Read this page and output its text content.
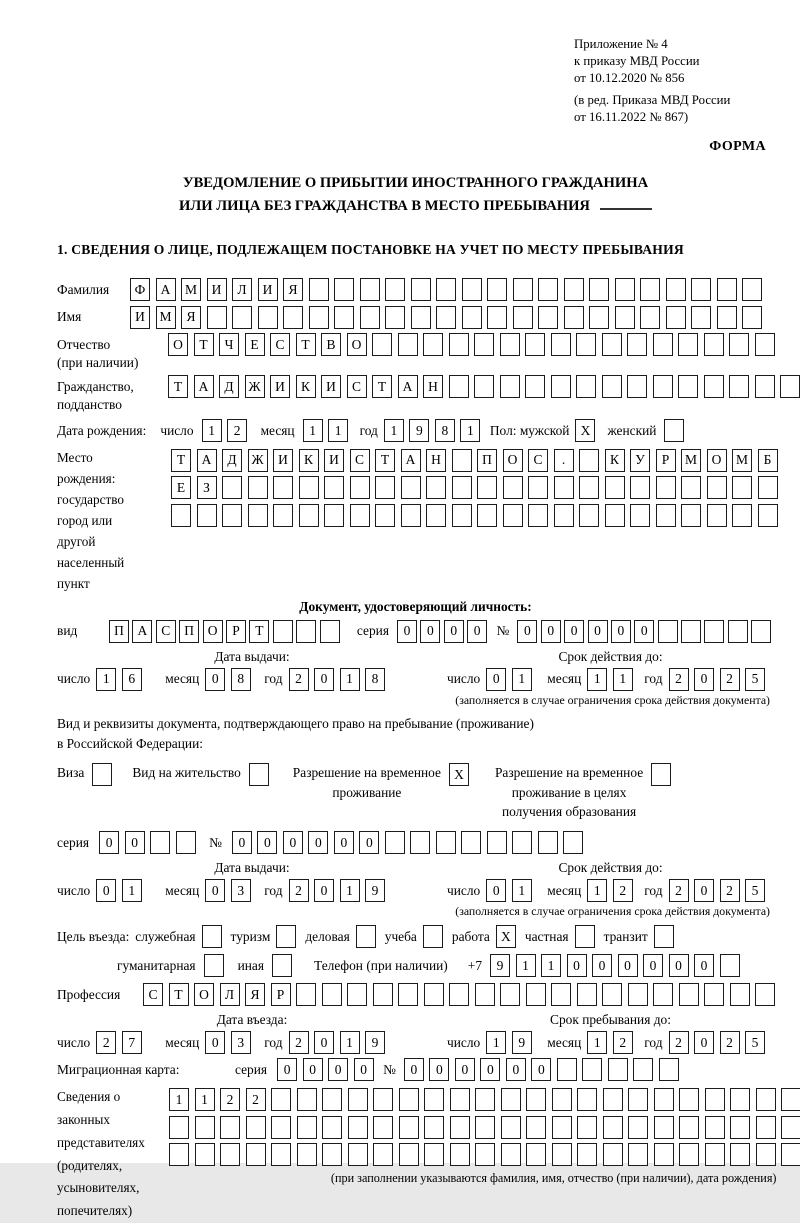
Приложение № 4
к приказу МВД России
от 10.12.2020 № 856
(в ред. Приказа МВД России
от 16.11.2022 № 867)
ФОРМА
УВЕДОМЛЕНИЕ О ПРИБЫТИИ ИНОСТРАННОГО ГРАЖДАНИНА
ИЛИ ЛИЦА БЕЗ ГРАЖДАНСТВА В МЕСТО ПРЕБЫВАНИЯ
1. СВЕДЕНИЯ О ЛИЦЕ, ПОДЛЕЖАЩЕМ ПОСТАНОВКЕ НА УЧЕТ ПО МЕСТУ ПРЕБЫВАНИЯ
Фамилия	Ф	А	М	И	Л	И	Я
Имя	И	М	Я
Отчество	О	Т	Ч	Е	С	Т	В	О
(при наличии)
Гражданство,	Т	А	Д	Ж	И	К	И	С	Т	А	Н
подданство
Дата рождения: число	1	2	месяц	1	1	год 1	9	8	1	Пол: мужской X	женский
Место рождения:
государство
город или другой
населенный пункт
Т	А	Д	Ж	И	К	И	С	Т	А	Н	П	О	С	.	К	У	Р	М	О	М	Б
Е	З
Документ, удостоверяющий личность:
вид	П	А	С	П	О	Р	Т	серия	0	0	0	0	№	0	0	0	0	0	0
Дата выдачи:	Срок действия до:
число 1	6	месяц 0	8	год 2	0	1	8	число 0	1	месяц 1	1	год 2	0	2	5
(заполняется в случае ограничения срока действия документа)
Вид и реквизиты документа, подтверждающего право на пребывание (проживание)
в Российской Федерации:
Виза	Вид на жительство	Разрешение на временное
проживание
X	Разрешение на временное
проживание в целях
получения образования
серия	0	0	№	0	0	0	0	0	0
Дата выдачи:	Срок действия до:
число 0	1	месяц 0	3	год 2	0	1	9	число 0	1	месяц 1	2	год 2	0	2	5
(заполняется в случае ограничения срока действия документа)
Цель въезда: служебная	туризм	деловая	учеба	работа X	частная	транзит
гуманитарная	иная	Телефон (при наличии) +7	9	1	1	0	0	0	0	0	0
Профессия	С	Т	О	Л	Я	Р
Дата въезда:	Срок пребывания до:
число 2	7	месяц 0	3	год 2	0	1	9	число 1	9	месяц 1	2	год 2	0	2	5
Миграционная карта:	серия	0	0	0	0	№	0	0	0	0	0	0
Сведения о
законных
представителях
(родителях,
усыновителях,
попечителях)
1	1	2	2
(при заполнении указываются фамилия, имя, отчество (при наличии), дата рождения)
